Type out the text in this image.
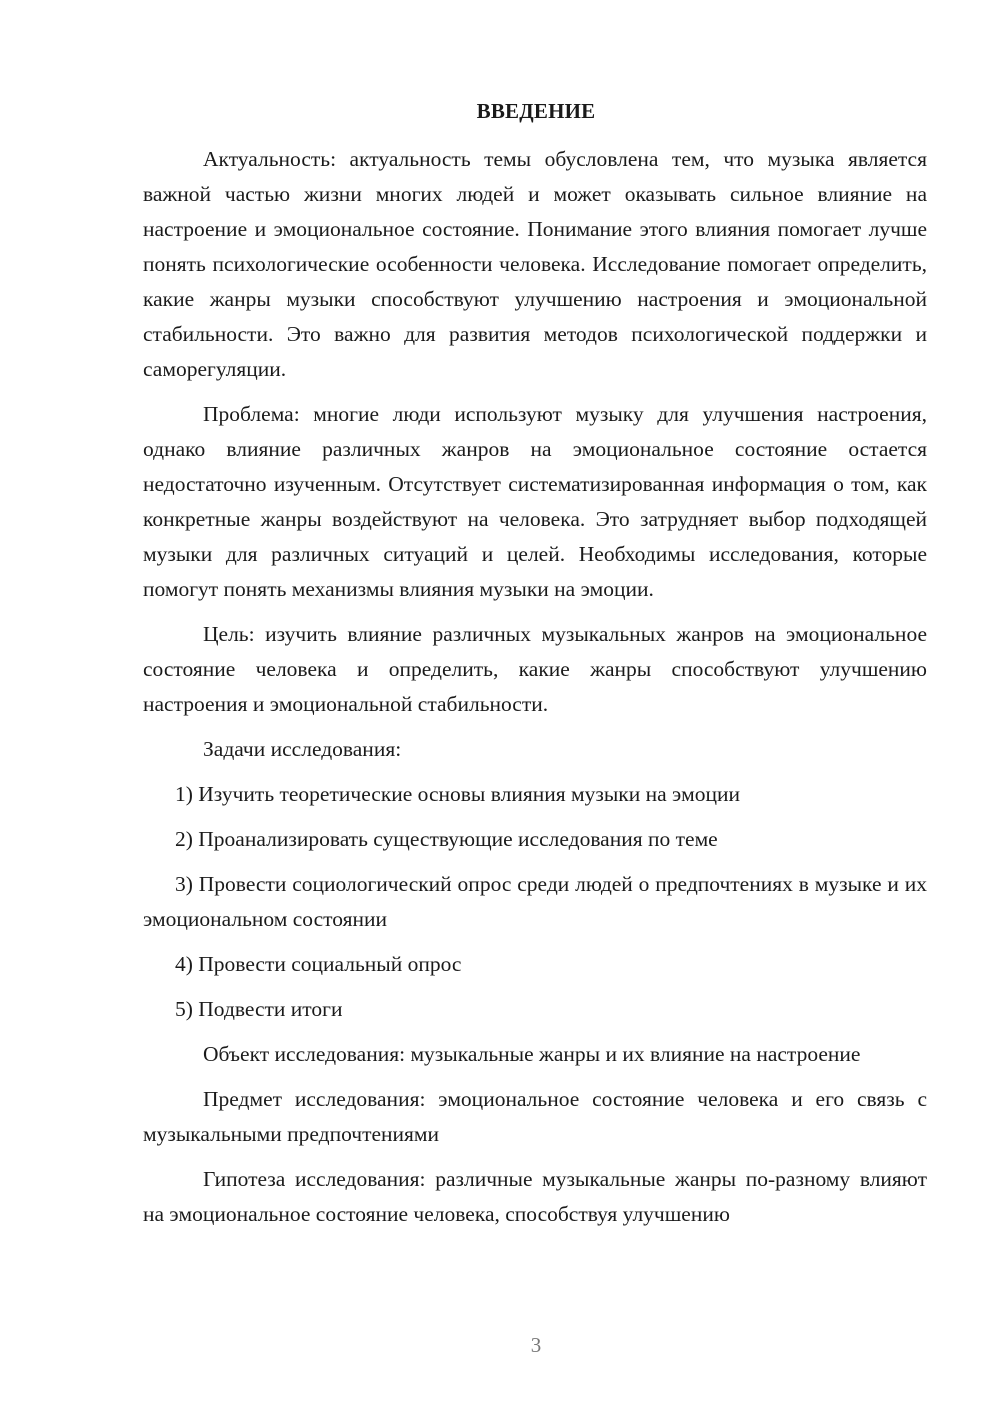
ВВЕДЕНИЕ

Актуальность: актуальность темы обусловлена тем, что музыка является важной частью жизни многих людей и может оказывать сильное влияние на настроение и эмоциональное состояние. Понимание этого влияния помогает лучше понять психологические особенности человека. Исследование помогает определить, какие жанры музыки способствуют улучшению настроения и эмоциональной стабильности. Это важно для развития методов психологической поддержки и саморегуляции.

Проблема: многие люди используют музыку для улучшения настроения, однако влияние различных жанров на эмоциональное состояние остается недостаточно изученным. Отсутствует систематизированная информация о том, как конкретные жанры воздействуют на человека. Это затрудняет выбор подходящей музыки для различных ситуаций и целей. Необходимы исследования, которые помогут понять механизмы влияния музыки на эмоции.

Цель: изучить влияние различных музыкальных жанров на эмоциональное состояние человека и определить, какие жанры способствуют улучшению настроения и эмоциональной стабильности.

Задачи исследования:

1) Изучить теоретические основы влияния музыки на эмоции

2) Проанализировать существующие исследования по теме

3) Провести социологический опрос среди людей о предпочтениях в музыке и их эмоциональном состоянии

4) Провести социальный опрос

5) Подвести итоги

Объект исследования: музыкальные жанры и их влияние на настроение

Предмет исследования: эмоциональное состояние человека и его связь с музыкальными предпочтениями

Гипотеза исследования: различные музыкальные жанры по-разному влияют на эмоциональное состояние человека, способствуя улучшению

3
